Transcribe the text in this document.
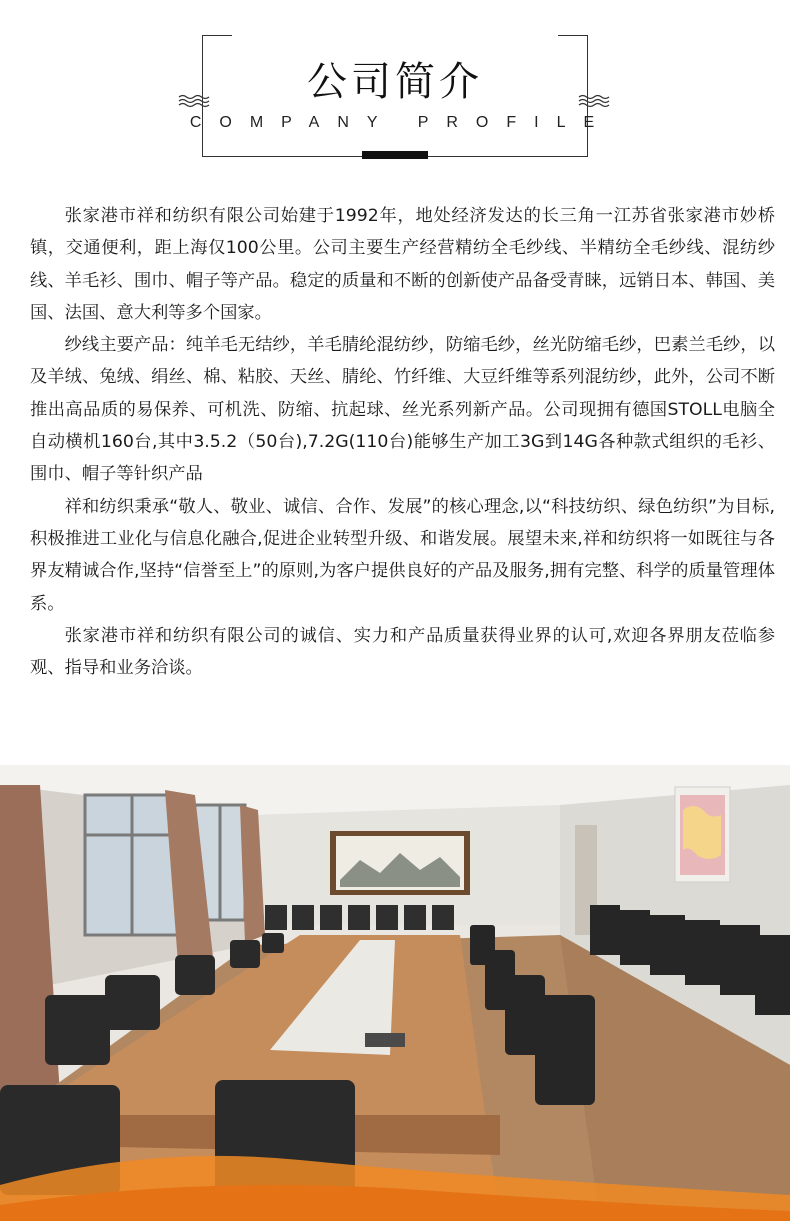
公司简介
COMPANY PROFILE

张家港市祥和纺织有限公司始建于1992年，地处经济发达的长三角一江苏省张家港市妙桥镇，交通便利，距上海仅100公里。公司主要生产经营精纺全毛纱线、半精纺全毛纱线、混纺纱线、羊毛衫、围巾、帽子等产品。稳定的质量和不断的创新使产品备受青睐，远销日本、韩国、美国、法国、意大利等多个国家。

纱线主要产品：纯羊毛无结纱，羊毛腈纶混纺纱，防缩毛纱，丝光防缩毛纱，巴素兰毛纱，以及羊绒、兔绒、绢丝、棉、粘胶、天丝、腈纶、竹纤维、大豆纤维等系列混纺纱，此外，公司不断推出高品质的易保养、可机洗、防缩、抗起球、丝光系列新产品。公司现拥有德国STOLL电脑全自动横机160台,其中3.5.2（50台),7.2G(110台)能够生产加工3G到14G各种款式组织的毛衫、围巾、帽子等针织产品

祥和纺织秉承“敬人、敬业、诚信、合作、发展”的核心理念,以“科技纺织、绿色纺织”为目标,积极推进工业化与信息化融合,促进企业转型升级、和谐发展。展望未来,祥和纺织将一如既往与各界友精诚合作,坚持“信誉至上”的原则,为客户提供良好的产品及服务,拥有完整、科学的质量管理体系。

张家港市祥和纺织有限公司的诚信、实力和产品质量获得业界的认可,欢迎各界朋友莅临参观、指导和业务洽谈。
